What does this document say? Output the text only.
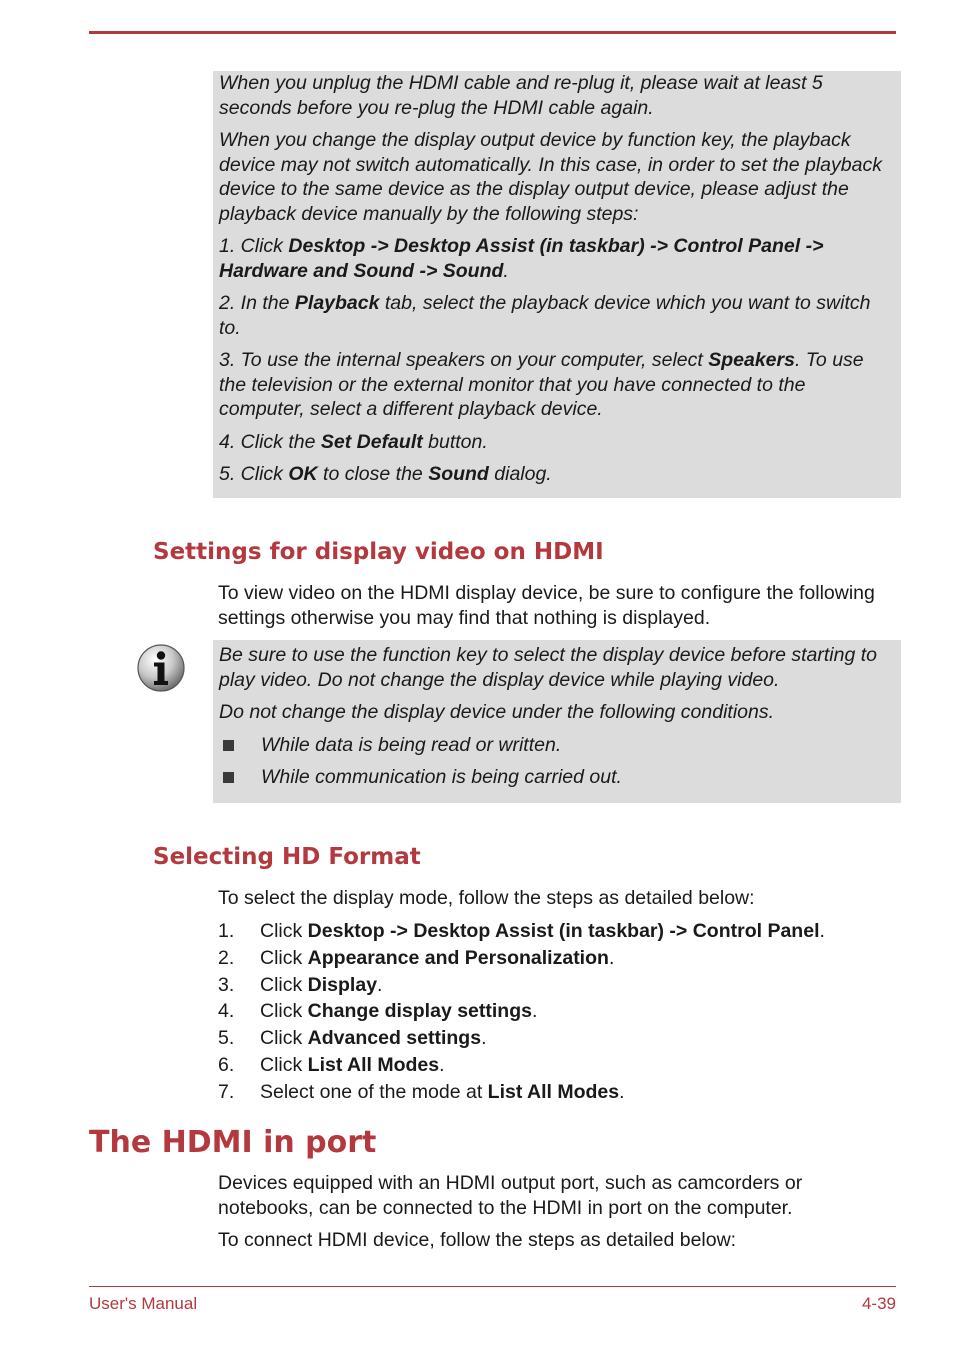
When you unplug the HDMI cable and re-plug it, please wait at least 5 seconds before you re-plug the HDMI cable again.

When you change the display output device by function key, the playback device may not switch automatically. In this case, in order to set the playback device to the same device as the display output device, please adjust the playback device manually by the following steps:

1. Click Desktop -> Desktop Assist (in taskbar) -> Control Panel -> Hardware and Sound -> Sound.

2. In the Playback tab, select the playback device which you want to switch to.

3. To use the internal speakers on your computer, select Speakers. To use the television or the external monitor that you have connected to the computer, select a different playback device.

4. Click the Set Default button.

5. Click OK to close the Sound dialog.

Settings for display video on HDMI

To view video on the HDMI display device, be sure to configure the following settings otherwise you may find that nothing is displayed.

Be sure to use the function key to select the display device before starting to play video. Do not change the display device while playing video.

Do not change the display device under the following conditions.

While data is being read or written.
While communication is being carried out.
Selecting HD Format

To select the display mode, follow the steps as detailed below:

1. Click Desktop -> Desktop Assist (in taskbar) -> Control Panel.
2. Click Appearance and Personalization.
3. Click Display.
4. Click Change display settings.
5. Click Advanced settings.
6. Click List All Modes.
7. Select one of the mode at List All Modes.
The HDMI in port

Devices equipped with an HDMI output port, such as camcorders or notebooks, can be connected to the HDMI in port on the computer.

To connect HDMI device, follow the steps as detailed below:

User's Manual	4-39
